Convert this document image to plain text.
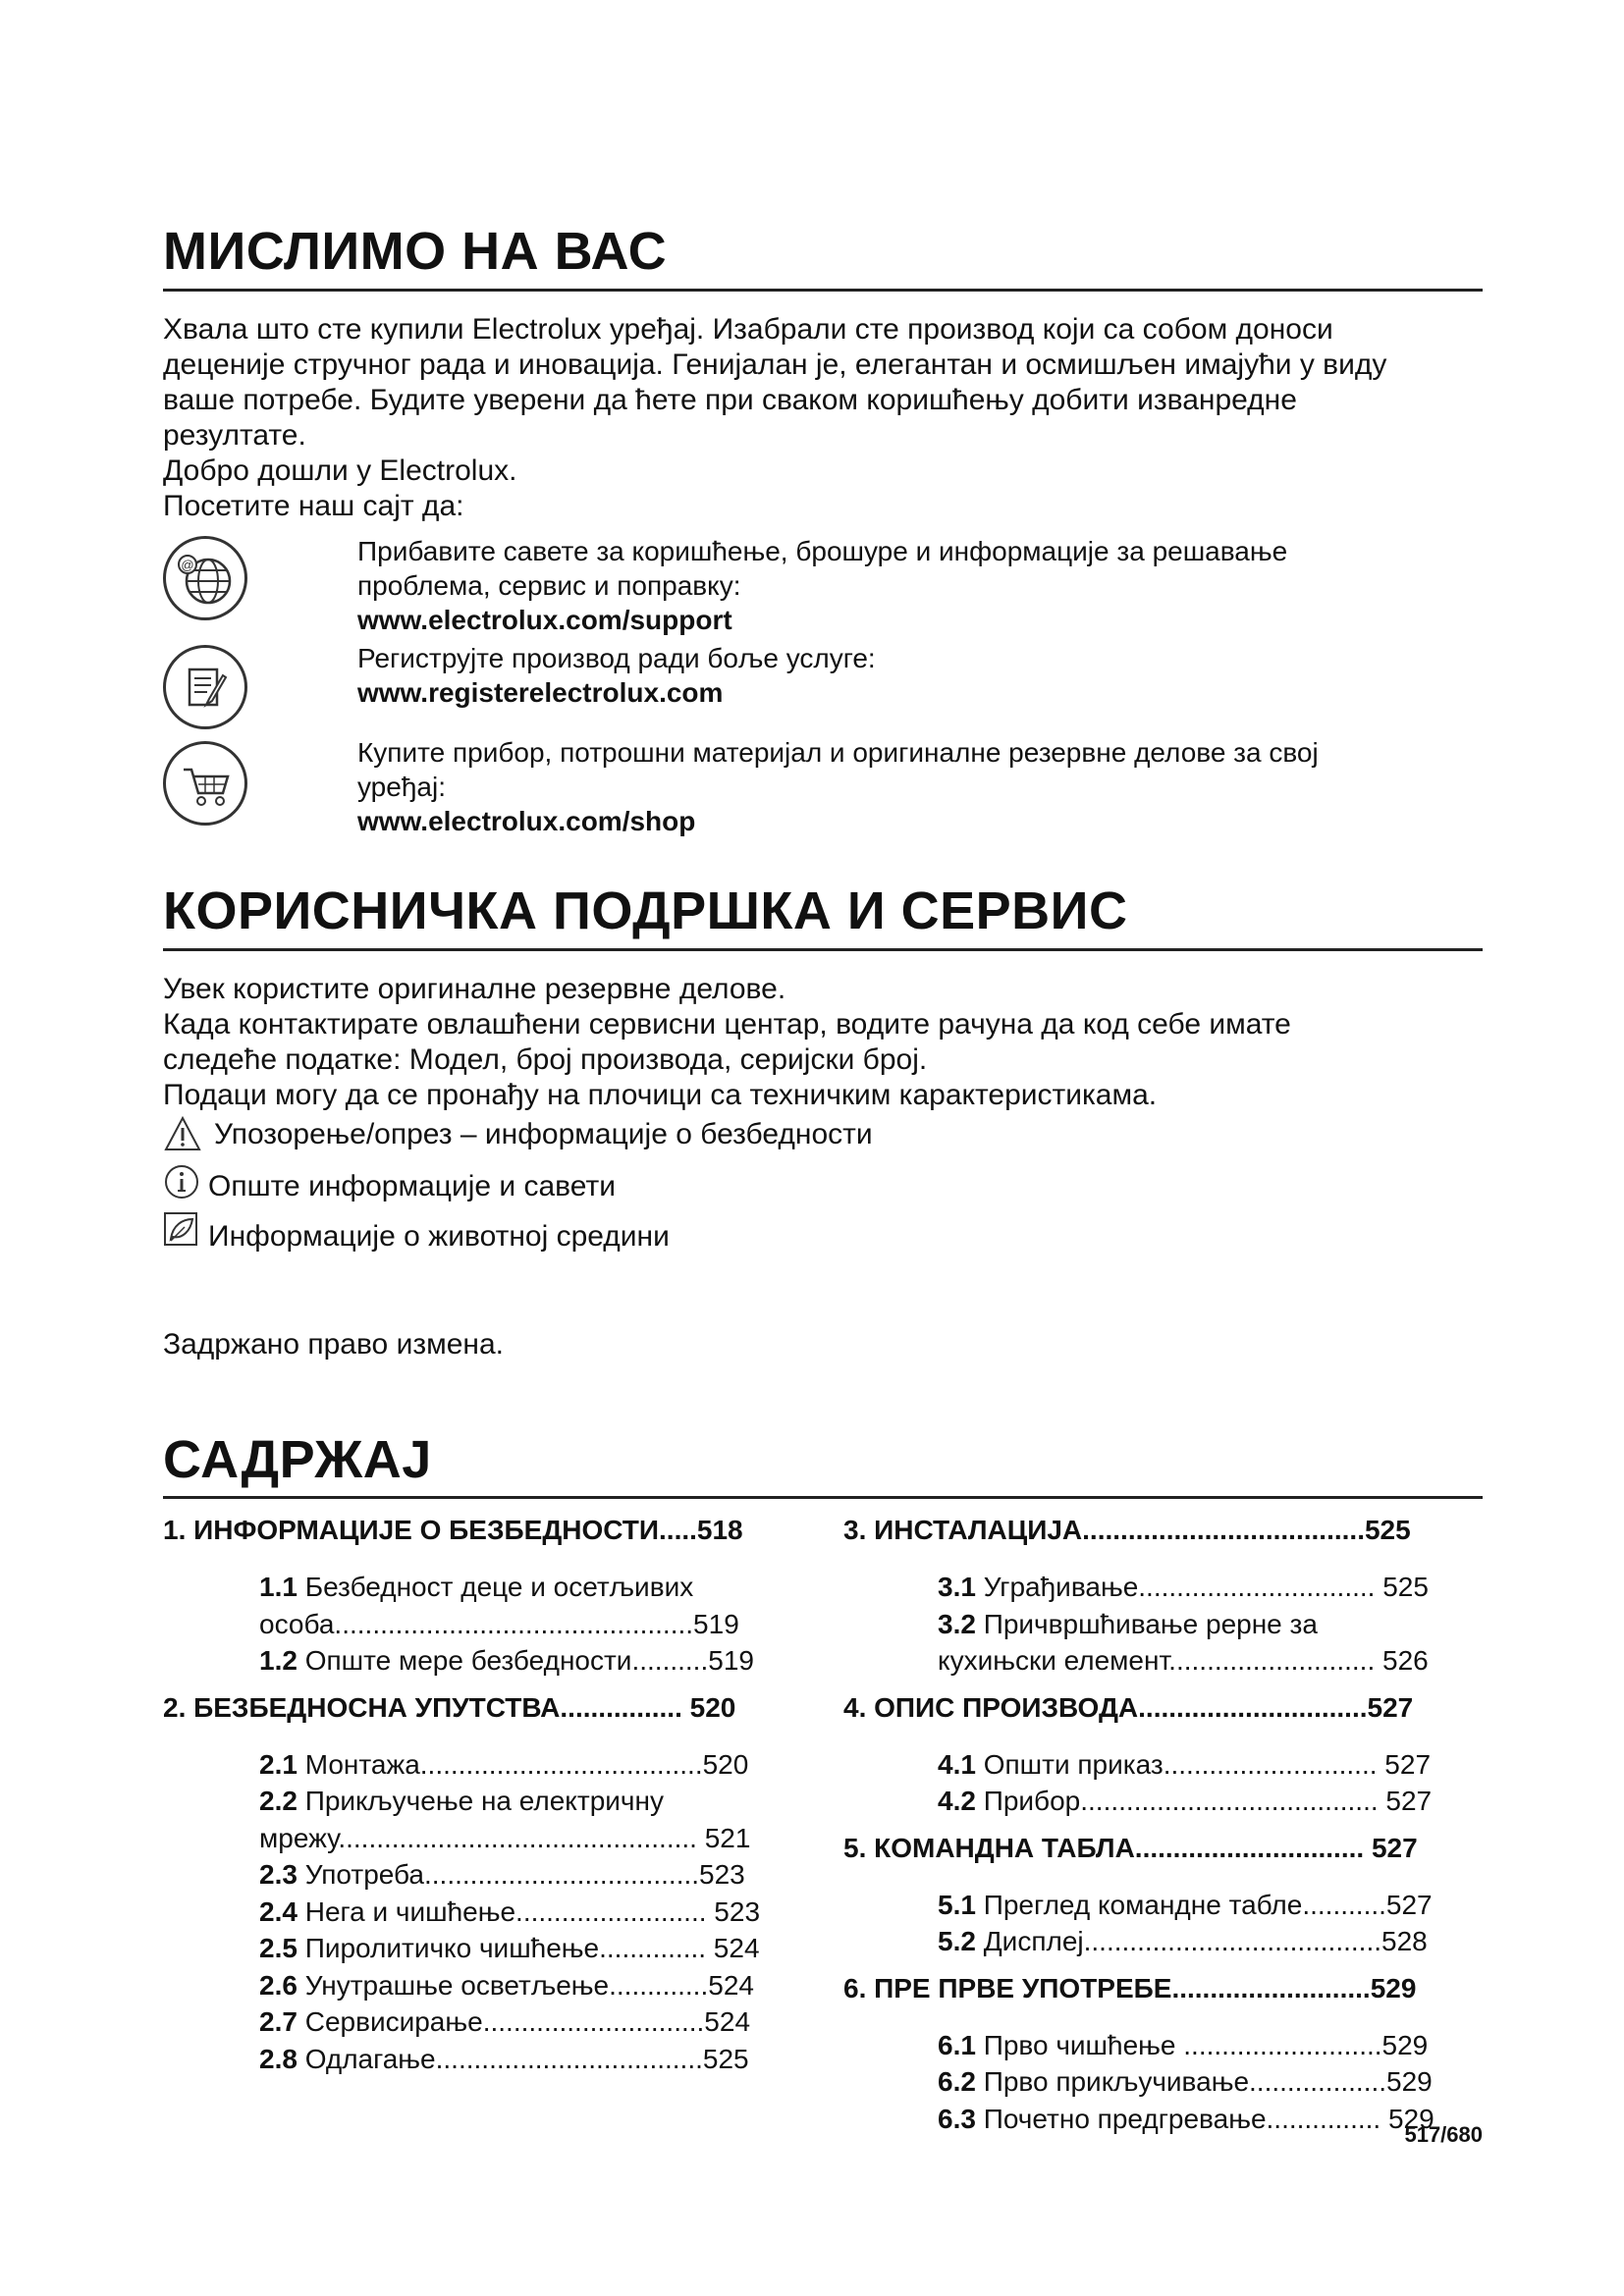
МИСЛИМО НА ВАС
Хвала што сте купили Electrolux уређај. Изабрали сте производ који са собом доноси
деценије стручног рада и иновација. Генијалан је, елегантан и осмишљен имајући у виду
ваше потребе. Будите уверени да ћете при сваком коришћењу добити изванредне
резултате.
Добро дошли у Electrolux.
Посетите наш сајт да:
@	Прибавите савете за коришћење, брошуре и информације за решавање
проблема, сервис и поправку:
www.electrolux.com/support
Региструјте производ ради боље услуге:
www.registerelectrolux.com
Купите прибор, потрошни материјал и оригиналне резервне делове за свој
уређај:
www.electrolux.com/shop
КОРИСНИЧКА ПОДРШКА И СЕРВИС
Увек користите оригиналне резервне делове.
Када контактирате овлашћени сервисни центар, водите рачуна да код себе имате
следеће податке: Модел, број производа, серијски број.
Подаци могу да се пронађу на плочици са техничким карактеристикама.
Упозорење/опрез – информације о безбедности
Опште информације и савети
Информације о животној средини
Задржано право измена.
САДРЖАЈ
1. ИНФОРМАЦИЈЕ О БЕЗБЕДНОСТИ.....518
1.1 Безбедност деце и осетљивих
особа...............................................519
1.2 Опште мере безбедности..........519
2. БЕЗБЕДНОСНА УПУТСТВА................ 520
2.1 Монтажа.....................................520
2.2 Прикључење на електричну
мрежу............................................... 521
2.3 Употреба....................................523
2.4 Нега и чишћење......................... 523
2.5 Пиролитичко чишћење.............. 524
2.6 Унутрашње осветљење.............524
2.7 Сервисирање.............................524
2.8 Одлагање...................................525
3. ИНСТАЛАЦИЈА.....................................525
3.1 Уграђивање............................... 525
3.2 Причвршћивање рерне за
кухињски елемент........................... 526
4. ОПИС ПРОИЗВОДА..............................527
4.1 Општи приказ............................ 527
4.2 Прибор....................................... 527
5. КОМАНДНА ТАБЛА.............................. 527
5.1 Преглед командне табле...........527
5.2 Дисплеј.......................................528
6. ПРЕ ПРВЕ УПОТРЕБЕ..........................529
6.1 Прво чишћење ..........................529
6.2 Прво прикључивање..................529
6.3 Почетно предгревање............... 529
517/680
